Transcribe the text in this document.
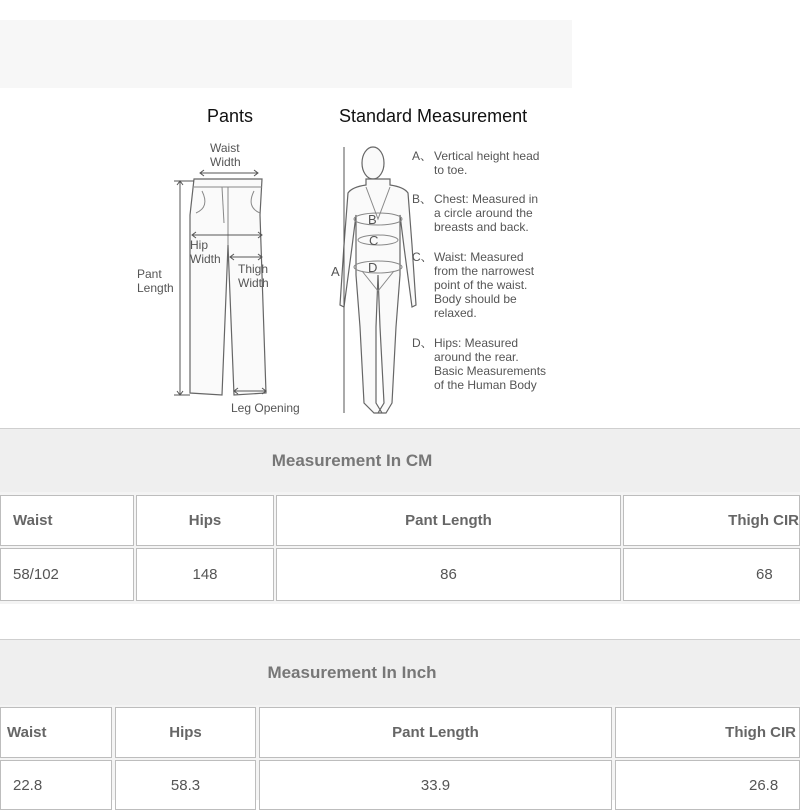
Pants	Standard Measurement
Waist
Width
Pant
Length
Hip
Width
Thigh
Width
Leg Opening
A
B
C
D
A、 Vertical height head
to toe.
B、 Chest: Measured in
a circle around the
breasts and back.
C、 Waist: Measured
from the narrowest
point of the waist.
Body should be
relaxed.
D、 Hips: Measured
around the rear.
Basic Measurements
of the Human Body
Measurement In CM
Waist	Hips	Pant Length	Thigh CIR
58/102	148	86	68
Measurement In Inch
Waist	Hips	Pant Length	Thigh CIR
22.8	58.3	33.9	26.8
